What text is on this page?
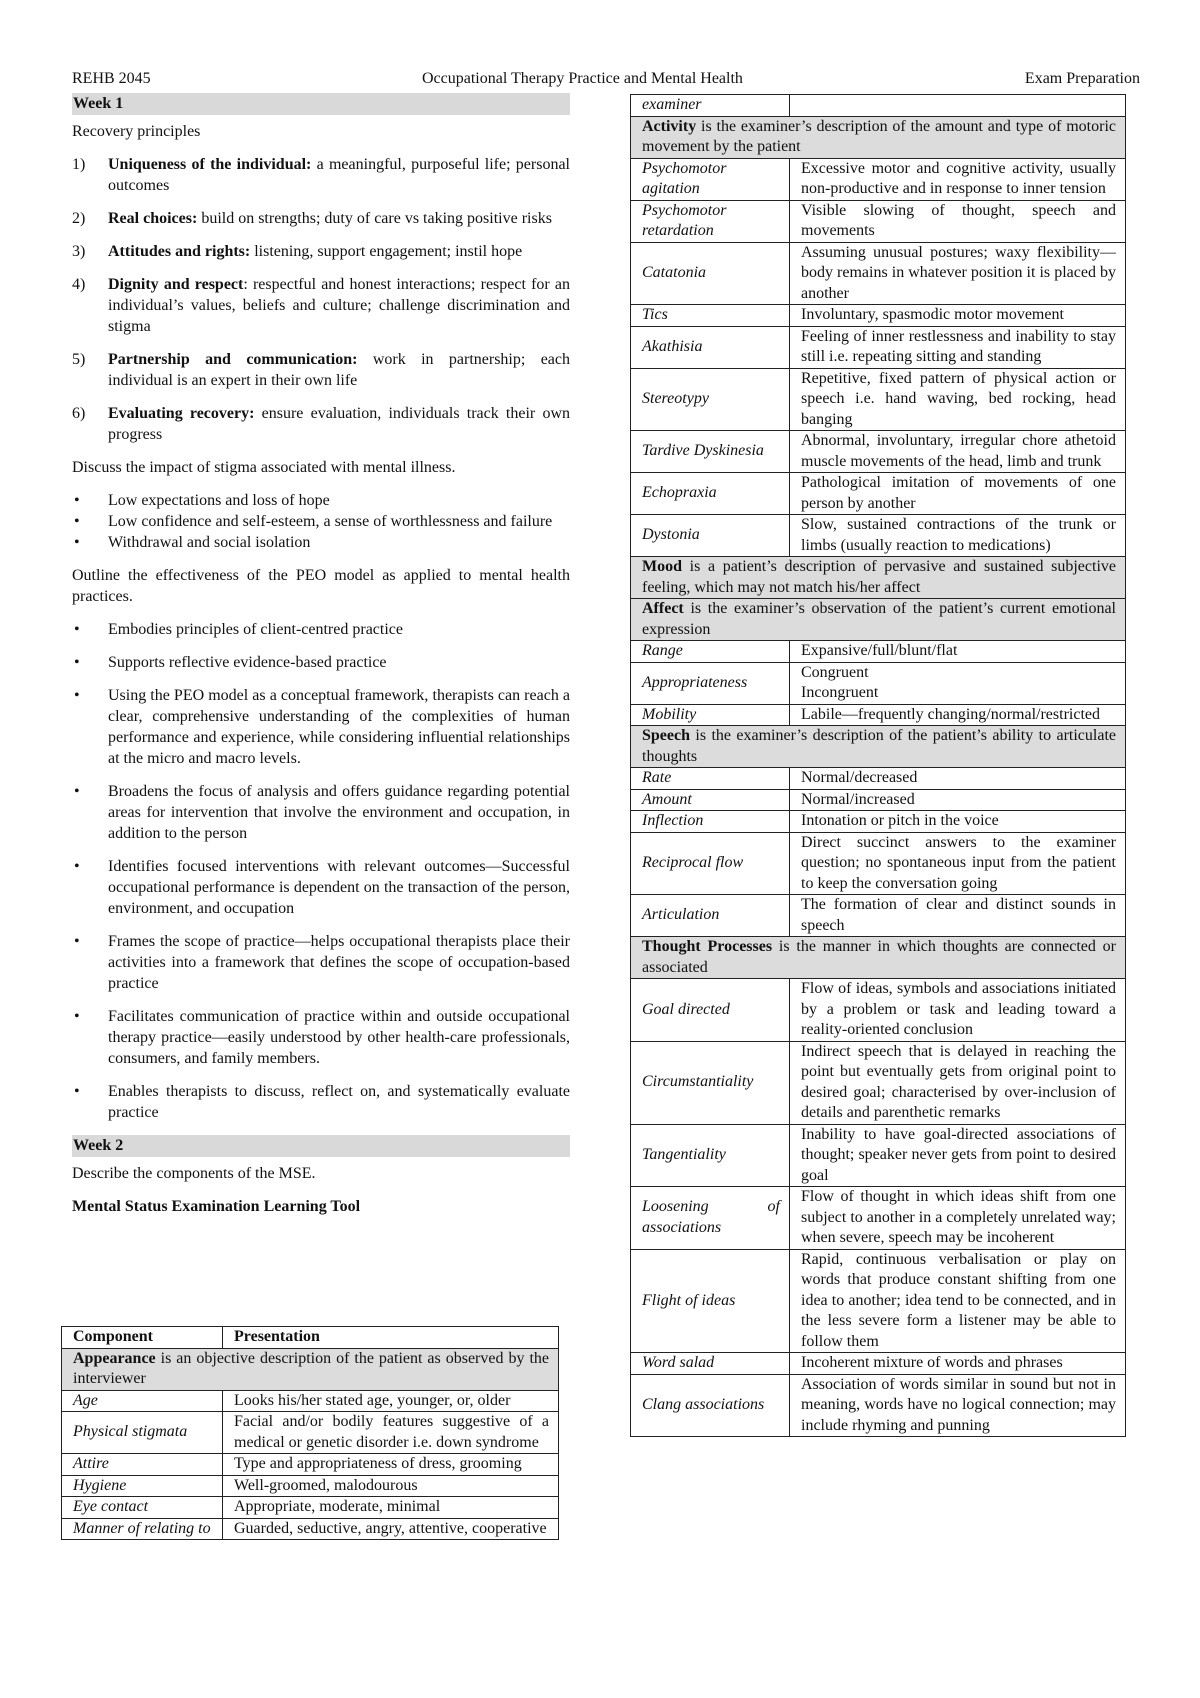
REHB 2045	Occupational Therapy Practice and Mental Health	Exam Preparation
Week 1
Recovery principles
1) Uniqueness of the individual: a meaningful, purposeful life; personal outcomes
2) Real choices: build on strengths; duty of care vs taking positive risks
3) Attitudes and rights: listening, support engagement; instil hope
4) Dignity and respect: respectful and honest interactions; respect for an individual’s values, beliefs and culture; challenge discrimination and stigma
5) Partnership and communication: work in partnership; each individual is an expert in their own life
6) Evaluating recovery: ensure evaluation, individuals track their own progress
Discuss the impact of stigma associated with mental illness.
• Low expectations and loss of hope
• Low confidence and self-esteem, a sense of worthlessness and failure
• Withdrawal and social isolation
Outline the effectiveness of the PEO model as applied to mental health practices.
• Embodies principles of client-centred practice
• Supports reflective evidence-based practice
• Using the PEO model as a conceptual framework, therapists can reach a clear, comprehensive understanding of the complexities of human performance and experience, while considering influential relationships at the micro and macro levels.
• Broadens the focus of analysis and offers guidance regarding potential areas for intervention that involve the environment and occupation, in addition to the person
• Identifies focused interventions with relevant outcomes—Successful occupational performance is dependent on the transaction of the person, environment, and occupation
• Frames the scope of practice—helps occupational therapists place their activities into a framework that defines the scope of occupation-based practice
• Facilitates communication of practice within and outside occupational therapy practice—easily understood by other health-care professionals, consumers, and family members.
• Enables therapists to discuss, reflect on, and systematically evaluate practice
Week 2
Describe the components of the MSE.
Mental Status Examination Learning Tool
Component	Presentation
Appearance is an objective description of the patient as observed by the interviewer	
Age	Looks his/her stated age, younger, or, older
Physical stigmata	Facial and/or bodily features suggestive of a medical or genetic disorder i.e. down syndrome
Attire	Type and appropriateness of dress, grooming
Hygiene	Well-groomed, malodourous
Eye contact	Appropriate, moderate, minimal
Manner of relating to	Guarded, seductive, angry, attentive, cooperative
examiner	
Activity is the examiner’s description of the amount and type of motoric movement by the patient	
Psychomotor agitation	Excessive motor and cognitive activity, usually non-productive and in response to inner tension
Psychomotor retardation	Visible slowing of thought, speech and movements
Catatonia	Assuming unusual postures; waxy flexibility—body remains in whatever position it is placed by another
Tics	Involuntary, spasmodic motor movement
Akathisia	Feeling of inner restlessness and inability to stay still i.e. repeating sitting and standing
Stereotypy	Repetitive, fixed pattern of physical action or speech i.e. hand waving, bed rocking, head banging
Tardive Dyskinesia	Abnormal, involuntary, irregular chore athetoid muscle movements of the head, limb and trunk
Echopraxia	Pathological imitation of movements of one person by another
Dystonia	Slow, sustained contractions of the trunk or limbs (usually reaction to medications)
Mood is a patient’s description of pervasive and sustained subjective feeling, which may not match his/her affect	
Affect is the examiner’s observation of the patient’s current emotional expression	
Range	Expansive/full/blunt/flat
Appropriateness	Congruent
Incongruent

Mobility	Labile—frequently changing/normal/restricted
Speech is the examiner’s description of the patient’s ability to articulate thoughts	
Rate	Normal/decreased
Amount	Normal/increased
Inflection	Intonation or pitch in the voice
Reciprocal flow	Direct succinct answers to the examiner question; no spontaneous input from the patient to keep the conversation going
Articulation	The formation of clear and distinct sounds in speech
Thought Processes is the manner in which thoughts are connected or associated	
Goal directed	Flow of ideas, symbols and associations initiated by a problem or task and leading toward a reality-oriented conclusion
Circumstantiality	Indirect speech that is delayed in reaching the point but eventually gets from original point to desired goal; characterised by over-inclusion of details and parenthetic remarks
Tangentiality	Inability to have goal-directed associations of thought; speaker never gets from point to desired goal
Loosening of associations	Flow of thought in which ideas shift from one subject to another in a completely unrelated way; when severe, speech may be incoherent
Flight of ideas	Rapid, continuous verbalisation or play on words that produce constant shifting from one idea to another; idea tend to be connected, and in the less severe form a listener may be able to follow them
Word salad	Incoherent mixture of words and phrases
Clang associations	Association of words similar in sound but not in meaning, words have no logical connection; may include rhyming and punning
